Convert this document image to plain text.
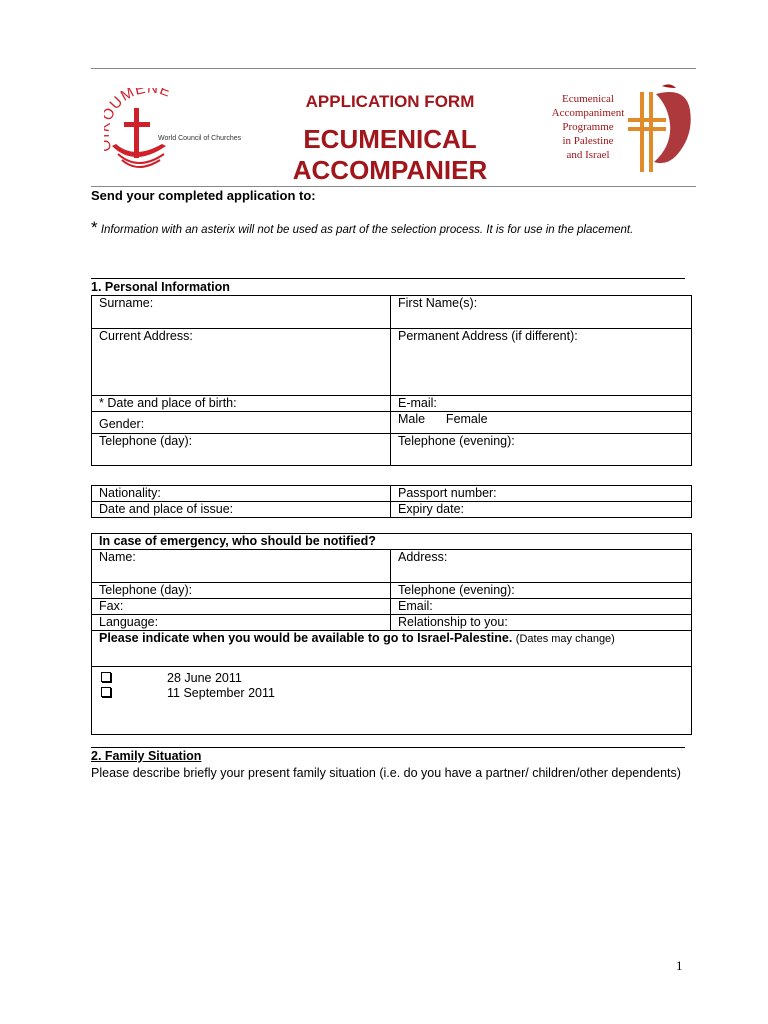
UMENE
World Council of Churches
APPLICATION FORM
ECUMENICAL
ACCOMPANIER
Ecumenical
Accompaniment
Programme
in Palestine
and Israel
Send your completed application to:
* Information with an asterix will not be used as part of the selection process. It is for use in the placement.
1. Personal Information
Surname:	First Name(s):
Current Address:	Permanent Address (if different):
* Date and place of birth:	E-mail:
Gender:	Male      Female
Telephone (day):	Telephone (evening):
Nationality:	Passport number:
Date and place of issue:	Expiry date:
In case of emergency, who should be notified?	
Name:	Address:
Telephone (day):	Telephone (evening):
Fax:	Email:
Language:	Relationship to you:
Please indicate when you would be available to go to Israel-Palestine. (Dates may change)	

28 June 2011
11 September 2011	
2. Family Situation
Please describe briefly your present family situation (i.e. do you have a partner/ children/other dependents)
1
